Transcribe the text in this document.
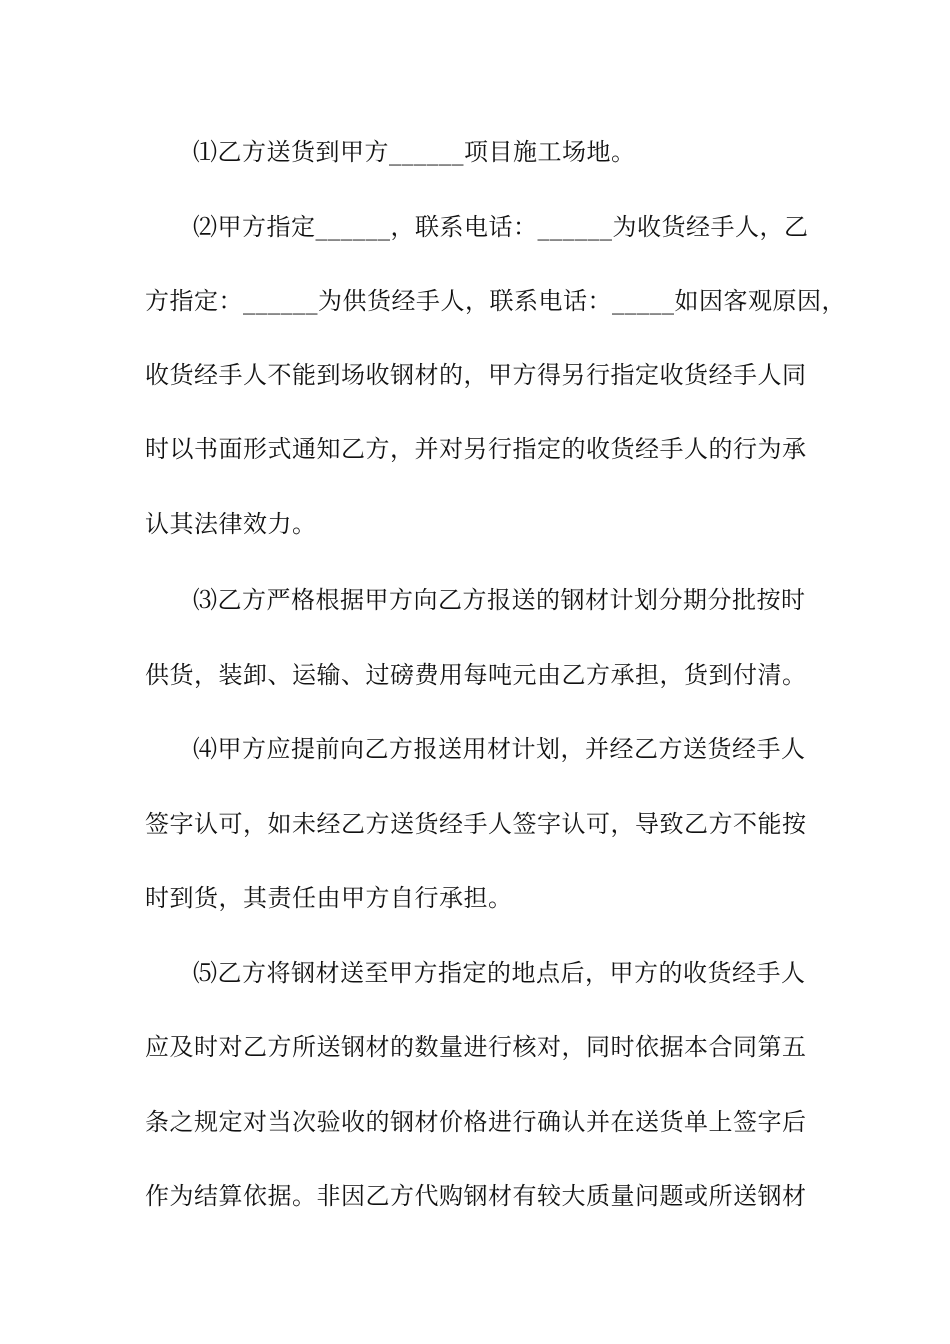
⑴乙方送货到甲方______项目施工场地。
⑵甲方指定______，联系电话：______为收货经手人，乙
方指定：______为供货经手人，联系电话：_____如因客观原因，
收货经手人不能到场收钢材的，甲方得另行指定收货经手人同
时以书面形式通知乙方，并对另行指定的收货经手人的行为承
认其法律效力。
⑶乙方严格根据甲方向乙方报送的钢材计划分期分批按时
供货，装卸、运输、过磅费用每吨元由乙方承担，货到付清。
⑷甲方应提前向乙方报送用材计划，并经乙方送货经手人
签字认可，如未经乙方送货经手人签字认可，导致乙方不能按
时到货，其责任由甲方自行承担。
⑸乙方将钢材送至甲方指定的地点后，甲方的收货经手人
应及时对乙方所送钢材的数量进行核对，同时依据本合同第五
条之规定对当次验收的钢材价格进行确认并在送货单上签字后
作为结算依据。非因乙方代购钢材有较大质量问题或所送钢材
